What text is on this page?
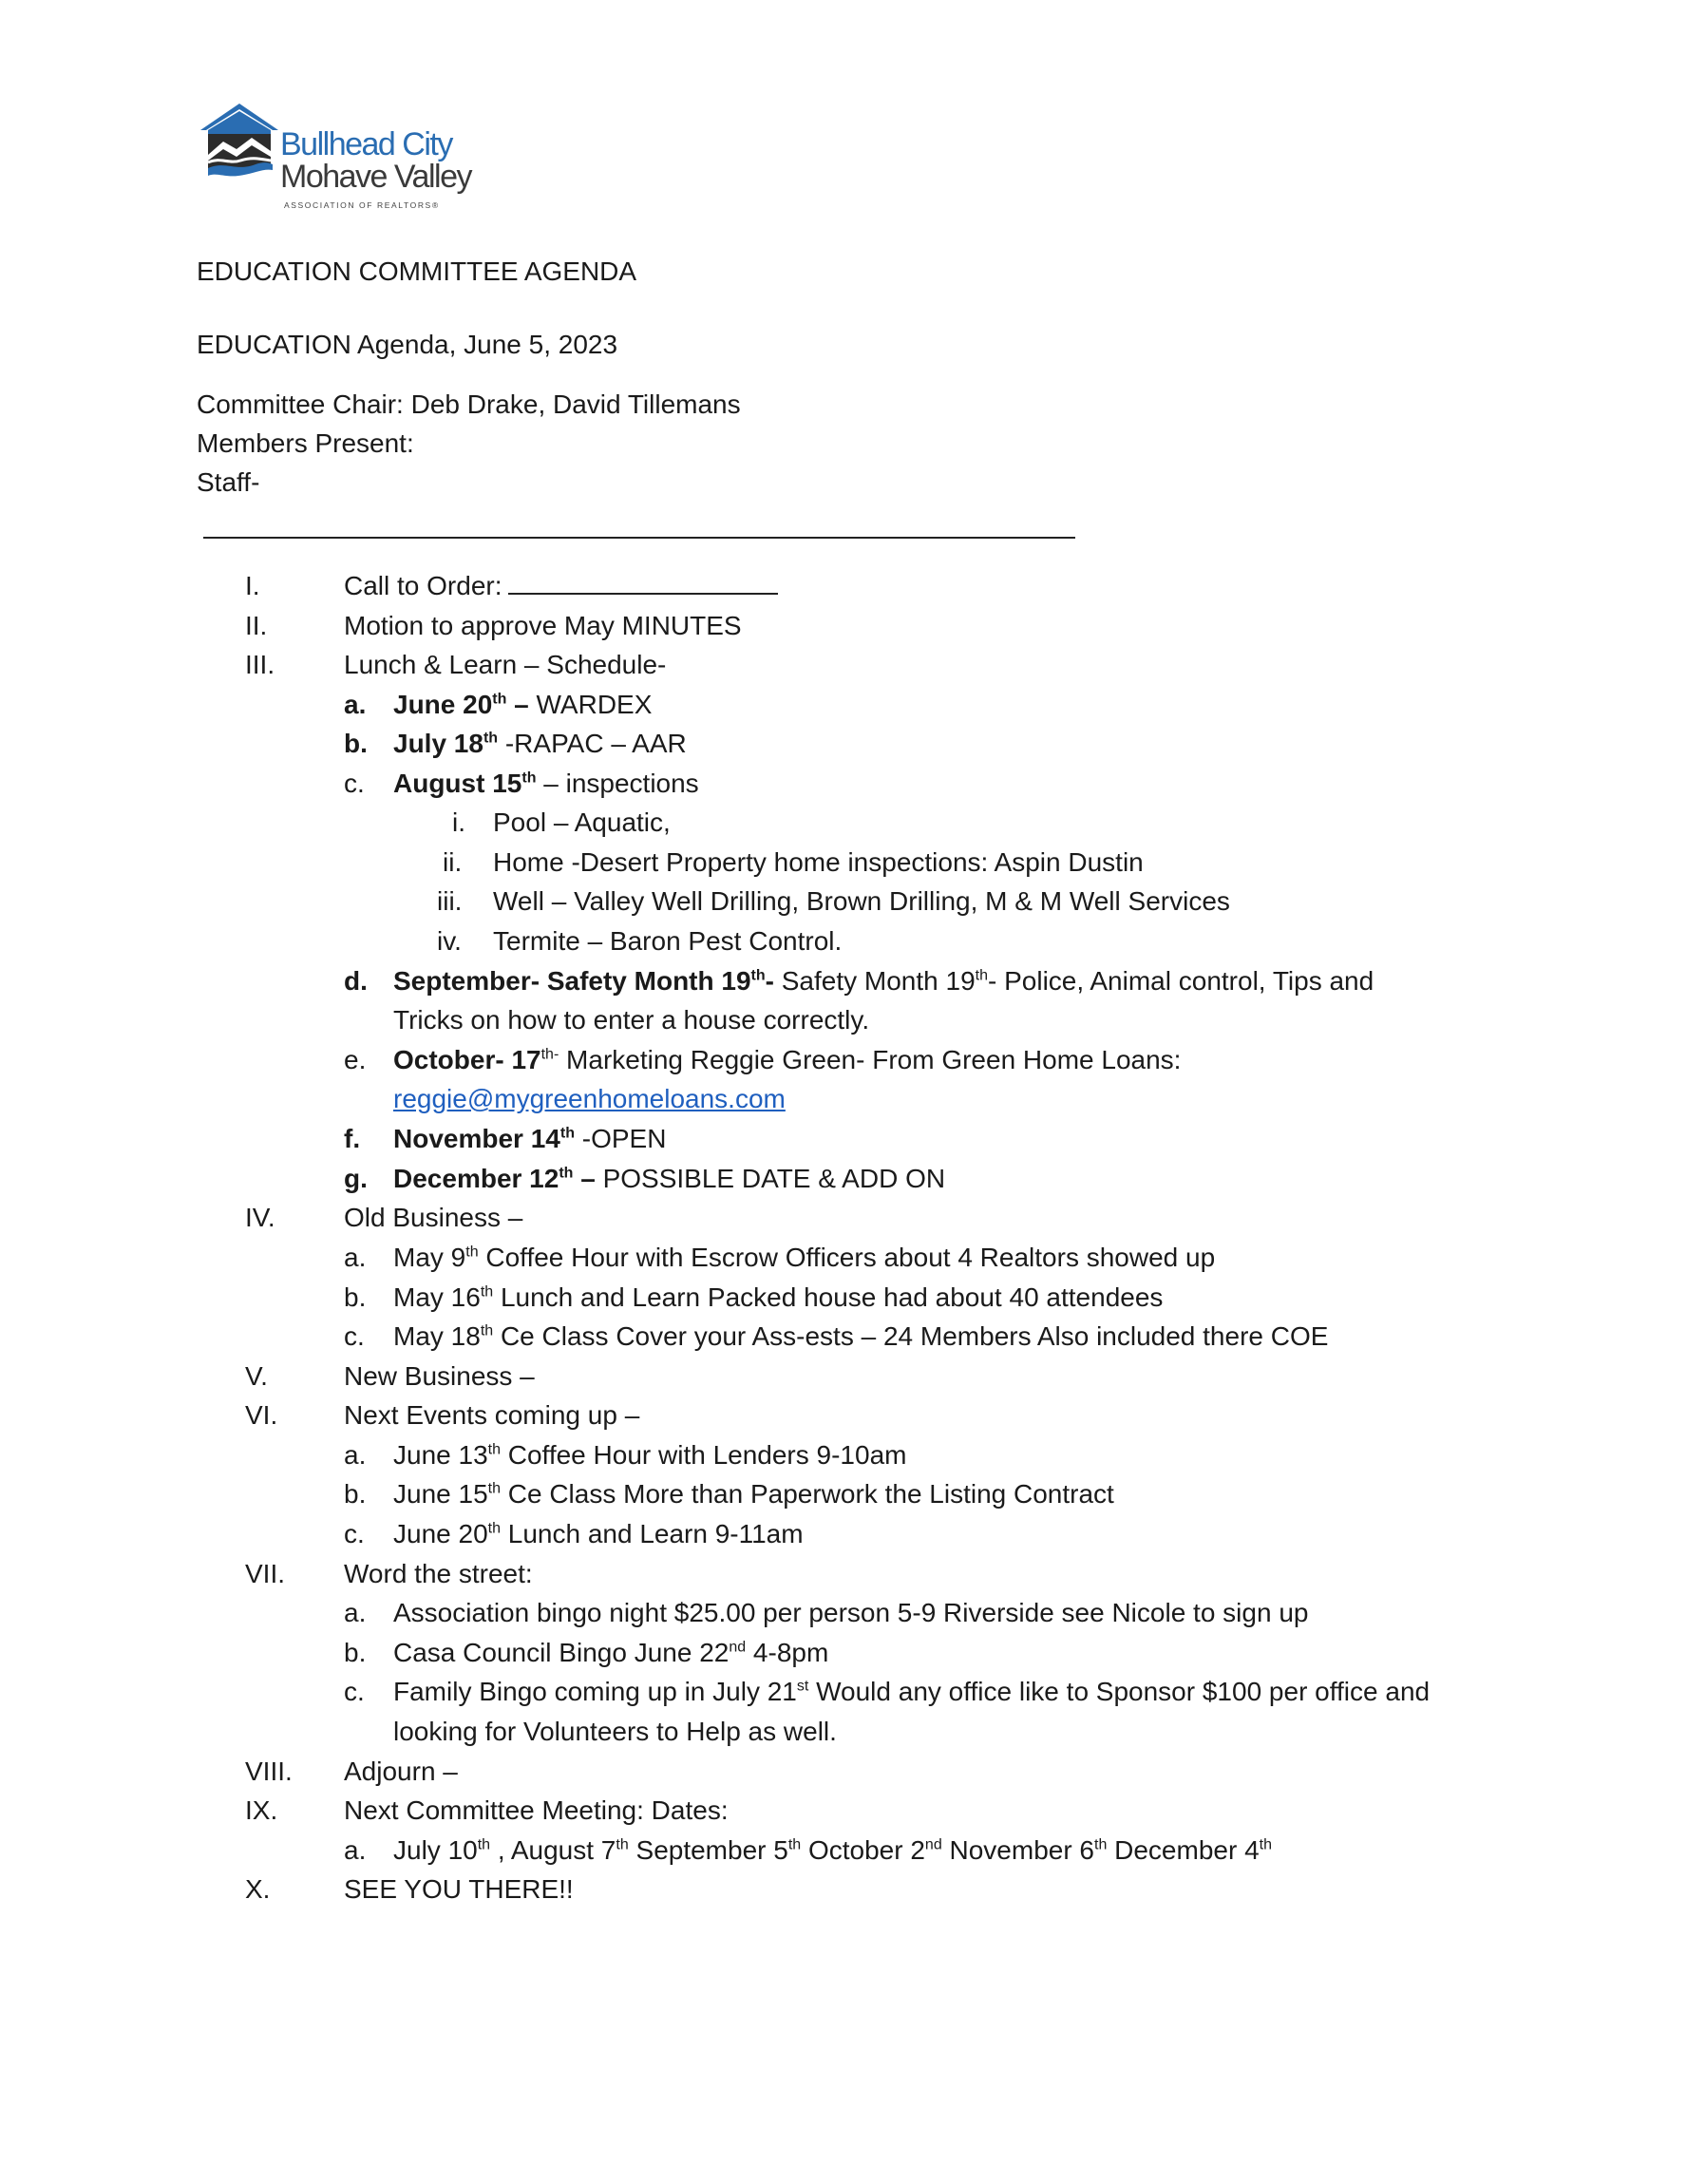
Bullhead City
Mohave Valley
ASSOCIATION OF REALTORS®
EDUCATION COMMITTEE AGENDA
EDUCATION Agenda, June 5, 2023
Committee Chair: Deb Drake, David Tillemans
Members Present:
Staff-
I.	Call to Order:
II.	Motion to approve May MINUTES
III.	Lunch & Learn – Schedule-
a. June 20th – WARDEX
b. July 18th -RAPAC – AAR
c. August 15th – inspections
i. Pool – Aquatic,
ii. Home -Desert Property home inspections: Aspin Dustin
iii. Well – Valley Well Drilling, Brown Drilling, M & M Well Services
iv. Termite – Baron Pest Control.
d. September- Safety Month 19th- Safety Month 19th- Police, Animal control, Tips and
Tricks on how to enter a house correctly.
e. October- $17^{th-}$ Marketing Reggie Green- From Green Home Loans:
reggie@mygreenhomeloans.com
f. November 14th -OPEN
g. December 12th – POSSIBLE DATE & ADD ON
IV.	Old Business –
a. May 9th Coffee Hour with Escrow Officers about 4 Realtors showed up
b. May 16th Lunch and Learn Packed house had about 40 attendees
c. May 18th Ce Class Cover your Ass-ests – 24 Members Also included there COE
V.	New Business –
VI. Next Events coming up –
a. June 13th Coffee Hour with Lenders 9-10am
b. June 15th Ce Class More than Paperwork the Listing Contract
c. June 20th Lunch and Learn 9-11am
VII. Word the street:
a. Association bingo night $25.00 per person 5-9 Riverside see Nicole to sign up
b. Casa Council Bingo June 22nd 4-8pm
c. Family Bingo coming up in July 21st Would any office like to Sponsor $100 per office and
looking for Volunteers to Help as well.
VIII. Adjourn –
IX. Next Committee Meeting: Dates:
a. July 10th , August 7th September 5th October 2nd November 6th December 4th
X.	SEE YOU THERE!!
